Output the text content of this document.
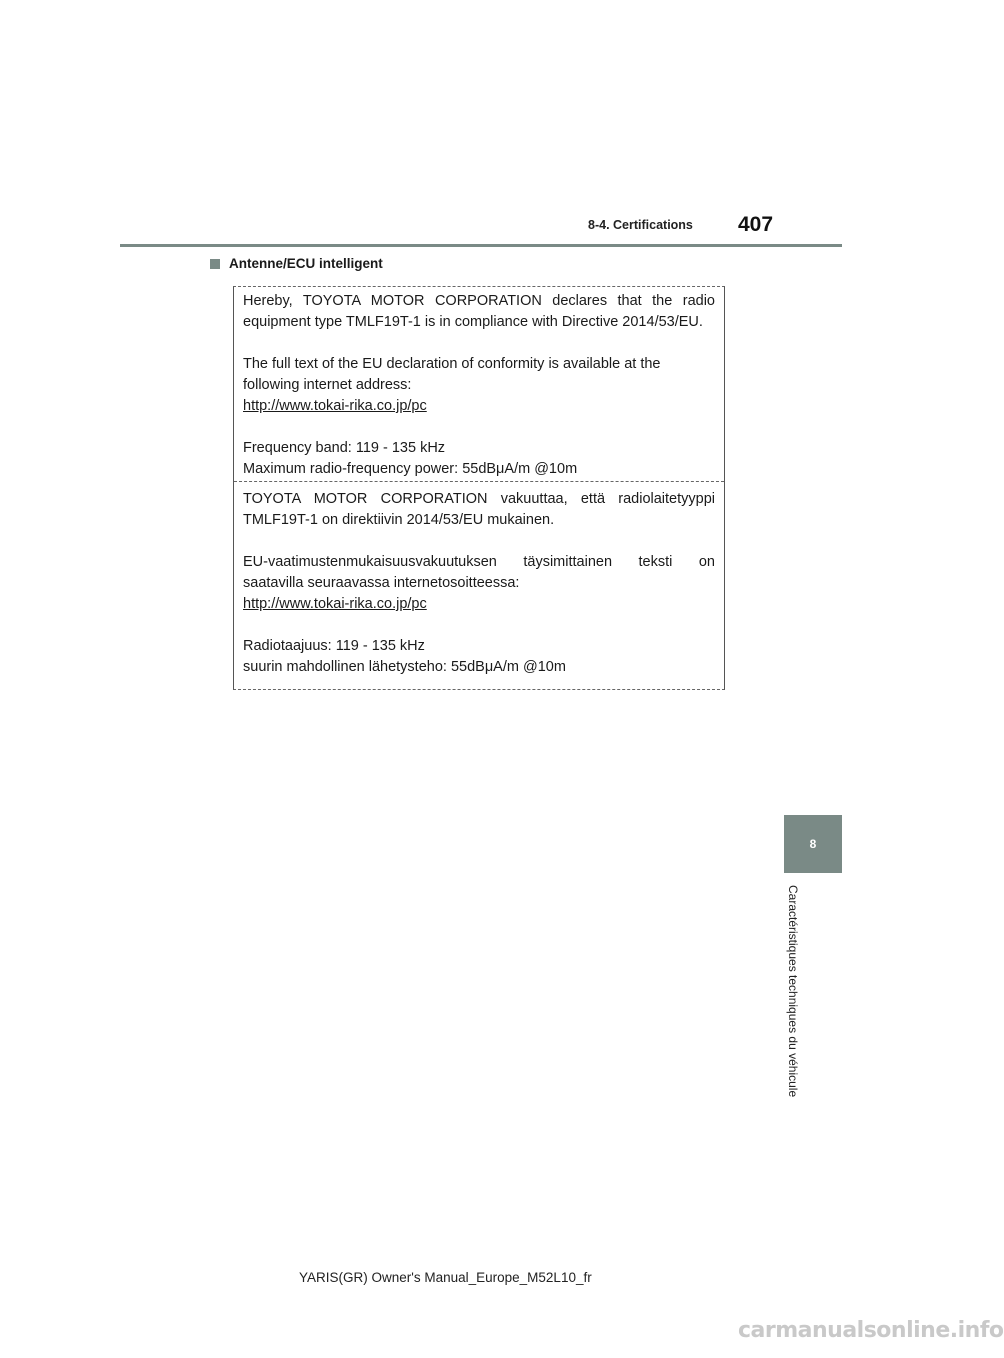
8-4. Certifications 407
Antenne/ECU intelligent

Hereby, TOYOTA MOTOR CORPORATION declares that the radio

equipment type TMLF19T-1 is in compliance with Directive 2014/53/EU.

The full text of the EU declaration of conformity is available at the

following internet address:

http://www.tokai-rika.co.jp/pc

Frequency band: 119 - 135 kHz

Maximum radio-frequency power: 55dBμA/m @10m

TOYOTA MOTOR CORPORATION vakuuttaa, että radiolaitetyyppi

TMLF19T-1 on direktiivin 2014/53/EU mukainen.

EU-vaatimustenmukaisuusvakuutuksen täysimittainen teksti on

saatavilla seuraavassa internetosoitteessa:

http://www.tokai-rika.co.jp/pc

Radiotaajuus: 119 - 135 kHz

suurin mahdollinen lähetysteho: 55dBμA/m @10m

8
Caractéristiques techniques du véhicule
YARIS(GR) Owner's Manual_Europe_M52L10_fr
carmanualsonline.info
